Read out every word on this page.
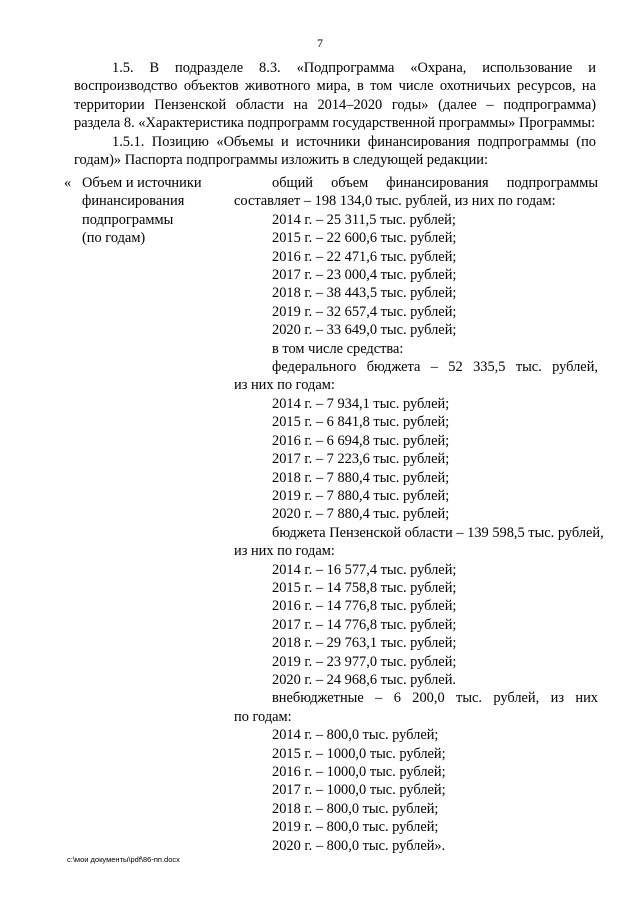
7

1.5. В подразделе 8.3. «Подпрограмма «Охрана, использование и воспроизводство объектов животного мира, в том числе охотничьих ресурсов, на территории Пензенской области на 2014–2020 годы» (далее – подпрограмма) раздела 8. «Характеристика подпрограмм государственной программы» Программы:

1.5.1. Позицию «Объемы и источники финансирования подпрограммы (по годам)» Паспорта подпрограммы изложить в следующей редакции:

« Объем и источники
финансирования
подпрограммы
(по годам)
общий объем финансирования подпрограммы
составляет – 198 134,0 тыс. рублей, из них по годам:
2014 г. – 25 311,5 тыс. рублей;
2015 г. – 22 600,6 тыс. рублей;
2016 г. – 22 471,6 тыс. рублей;
2017 г. – 23 000,4 тыс. рублей;
2018 г. – 38 443,5 тыс. рублей;
2019 г. – 32 657,4 тыс. рублей;
2020 г. – 33 649,0 тыс. рублей;
в том числе средства:
федерального бюджета – 52 335,5 тыс. рублей,
из них по годам:
2014 г. – 7 934,1 тыс. рублей;
2015 г. – 6 841,8 тыс. рублей;
2016 г. – 6 694,8 тыс. рублей;
2017 г. – 7 223,6 тыс. рублей;
2018 г. – 7 880,4 тыс. рублей;
2019 г. – 7 880,4 тыс. рублей;
2020 г. – 7 880,4 тыс. рублей;
бюджета Пензенской области – 139 598,5 тыс. рублей,
из них по годам:
2014 г. – 16 577,4 тыс. рублей;
2015 г. – 14 758,8 тыс. рублей;
2016 г. – 14 776,8 тыс. рублей;
2017 г. – 14 776,8 тыс. рублей;
2018 г. – 29 763,1 тыс. рублей;
2019 г. – 23 977,0 тыс. рублей;
2020 г. – 24 968,6 тыс. рублей.
внебюджетные – 6 200,0 тыс. рублей, из них
по годам:
2014 г. – 800,0 тыс. рублей;
2015 г. – 1000,0 тыс. рублей;
2016 г. – 1000,0 тыс. рублей;
2017 г. – 1000,0 тыс. рублей;
2018 г. – 800,0 тыс. рублей;
2019 г. – 800,0 тыс. рублей;
2020 г. – 800,0 тыс. рублей».
c:\мои документы\pdf\86-пп.docx
